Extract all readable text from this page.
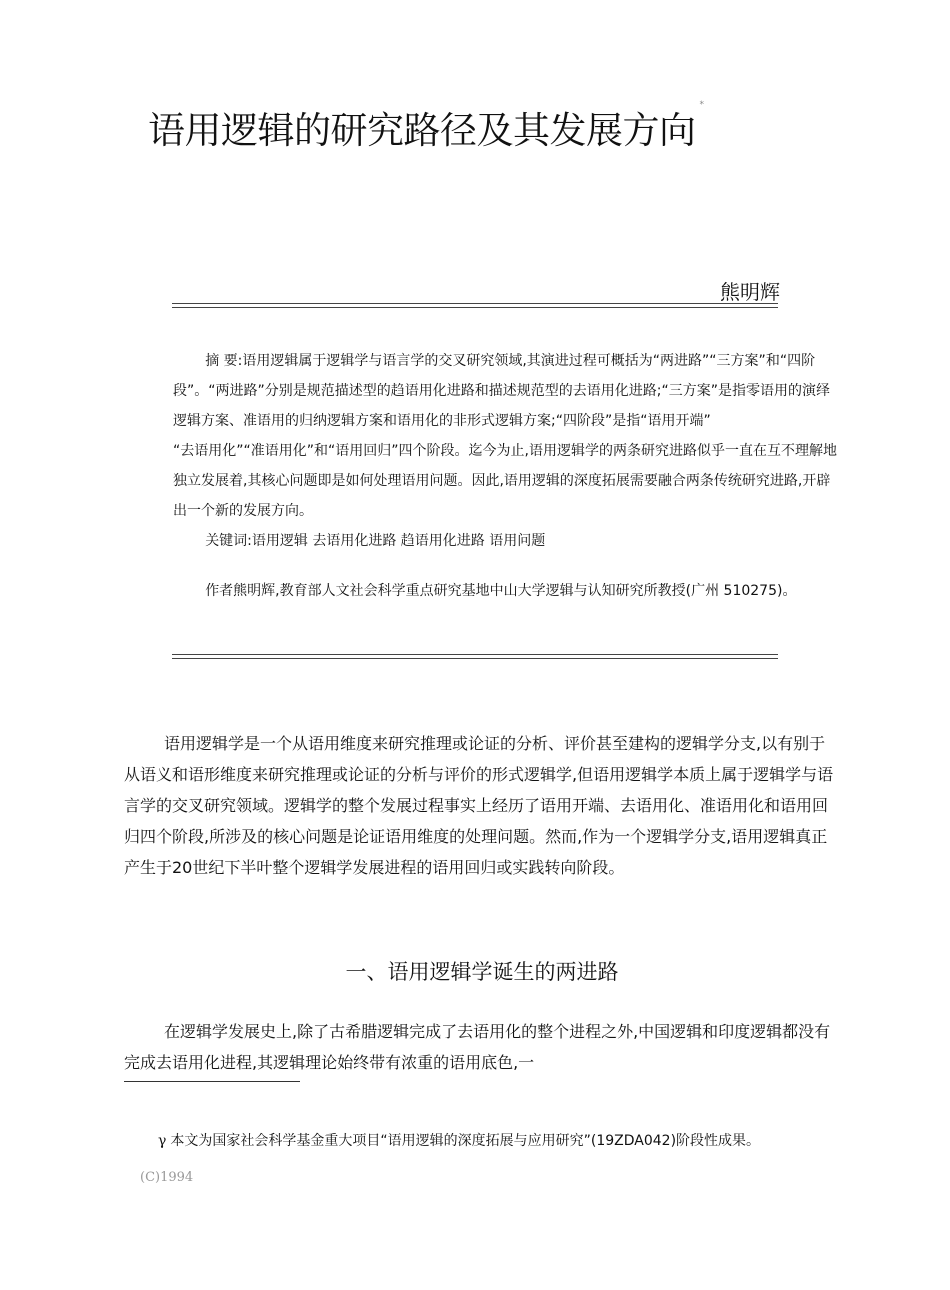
语用逻辑的研究路径及其发展方向*
熊明辉

摘 要:语用逻辑属于逻辑学与语言学的交叉研究领域,其演进过程可概括为“两进路”“三方案”和“四阶段”。“两进路”分别是规范描述型的趋语用化进路和描述规范型的去语用化进路;“三方案”是指零语用的演绎逻辑方案、准语用的归纳逻辑方案和语用化的非形式逻辑方案;“四阶段”是指“语用开端”

“去语用化”“准语用化”和“语用回归”四个阶段。迄今为止,语用逻辑学的两条研究进路似乎一直在互不理解地独立发展着,其核心问题即是如何处理语用问题。因此,语用逻辑的深度拓展需要融合两条传统研究进路,开辟出一个新的发展方向。

关键词:语用逻辑 去语用化进路 趋语用化进路 语用问题

作者熊明辉,教育部人文社会科学重点研究基地中山大学逻辑与认知研究所教授(广州 510275)。

语用逻辑学是一个从语用维度来研究推理或论证的分析、评价甚至建构的逻辑学分支,以有别于从语义和语形维度来研究推理或论证的分析与评价的形式逻辑学,但语用逻辑学本质上属于逻辑学与语言学的交叉研究领域。逻辑学的整个发展过程事实上经历了语用开端、去语用化、准语用化和语用回归四个阶段,所涉及的核心问题是论证语用维度的处理问题。然而,作为一个逻辑学分支,语用逻辑真正产生于20世纪下半叶整个逻辑学发展进程的语用回归或实践转向阶段。

一、语用逻辑学诞生的两进路

在逻辑学发展史上,除了古希腊逻辑完成了去语用化的整个进程之外,中国逻辑和印度逻辑都没有完成去语用化进程,其逻辑理论始终带有浓重的语用底色,一

γ 本文为国家社会科学基金重大项目“语用逻辑的深度拓展与应用研究”(19ZDA042)阶段性成果。
(C)1994
